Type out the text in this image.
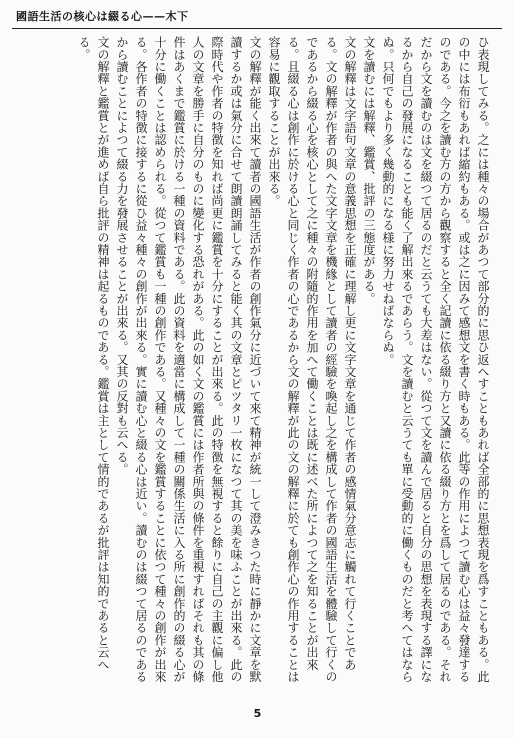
國語生活の核心は綴る心——木下

ひ表現してみる。之には種々の場合があつて部分的に思ひ返へすこともあれば全部的に思想表現を爲すこともある。此の中には布衍もあれば縮約もある。或は之に因みて感想文を書く時もある。此等の作用によつて讀む心は益々發達するのである。今之を讀む方の方から觀察すると全く記讀に依る綴り方と又讀に依る綴り方とを爲して居るのである。それだから文を讀むのは文を綴つて居るのだと云うても大差はない。從つて文を讀んで居ると自分の思想を表現する譯になるから自己の發展になることも能く了解出來るであらう。文を讀むと云うても單に受動的に働くものだと考へてはならぬ。只何でもより多く幾動的になる様に努力せねばならぬ。

文を讀むには解釋、鑑賞、批評の三態度がある。

文の解釋は文字語句文章の意義思想を正確に理解し更に文字文章を通じて作者の感情氣分意志に觸れて行くことである。文の解釋が作者の與へた文字文章を機緣として讀者の經驗を喚起し之を構成して作者の國語生活を體驗して行くのであるから綴る心を核心として之に種々の附隨的作用を加へて働くことは既に述べた所によつて之を知ることが出來る。且綴る心は創作に於ける心と同じく作者の心であるから文の解釋が此の文の解釋に於ても創作心の作用することは容易に觀取することが出來る。

文の解釋が能く出來て讀者の國語生活が作者の創作氣分に近づいて來て精神が統一して澄みきつた時に靜かに文章を默讀するか或は氣分に合せて朗讀朗誦してみると能く其の文章とピツタリ一枚になつて其の美を味ふことが出來る。此の際時代や作者の特徴を知れば尚更に鑑賞を十分にすることが出來る。此の特徴を無視すると餘りに自己の主觀に偏し他人の文章を勝手に自分のものに變化する恐れがある。此の如く文の鑑賞には作者所與の條件を重視すればそれも其の條件はあくまで鑑賞に於ける一種の資料である。此の資料を適當に構成して一種の關係生活に入る所に創作的の綴る心が十分に働くことは認められる。從つて鑑賞も一種の創作である。又種々の文を鑑賞することに依つて種々の創作が出來る。各作者の特徴に接するに從ひ益々種々の創作が出來る。實に讀む心と綴る心は近い。讀むのは綴つて居るのであるから讀むことによつて綴る力を發展させることが出來る。又其の反對も云へる。

文の解釋と鑑賞とが進めば自ら批評の精神は起るものである。鑑賞は主として情的であるが批評は知的であると云へる。

5
